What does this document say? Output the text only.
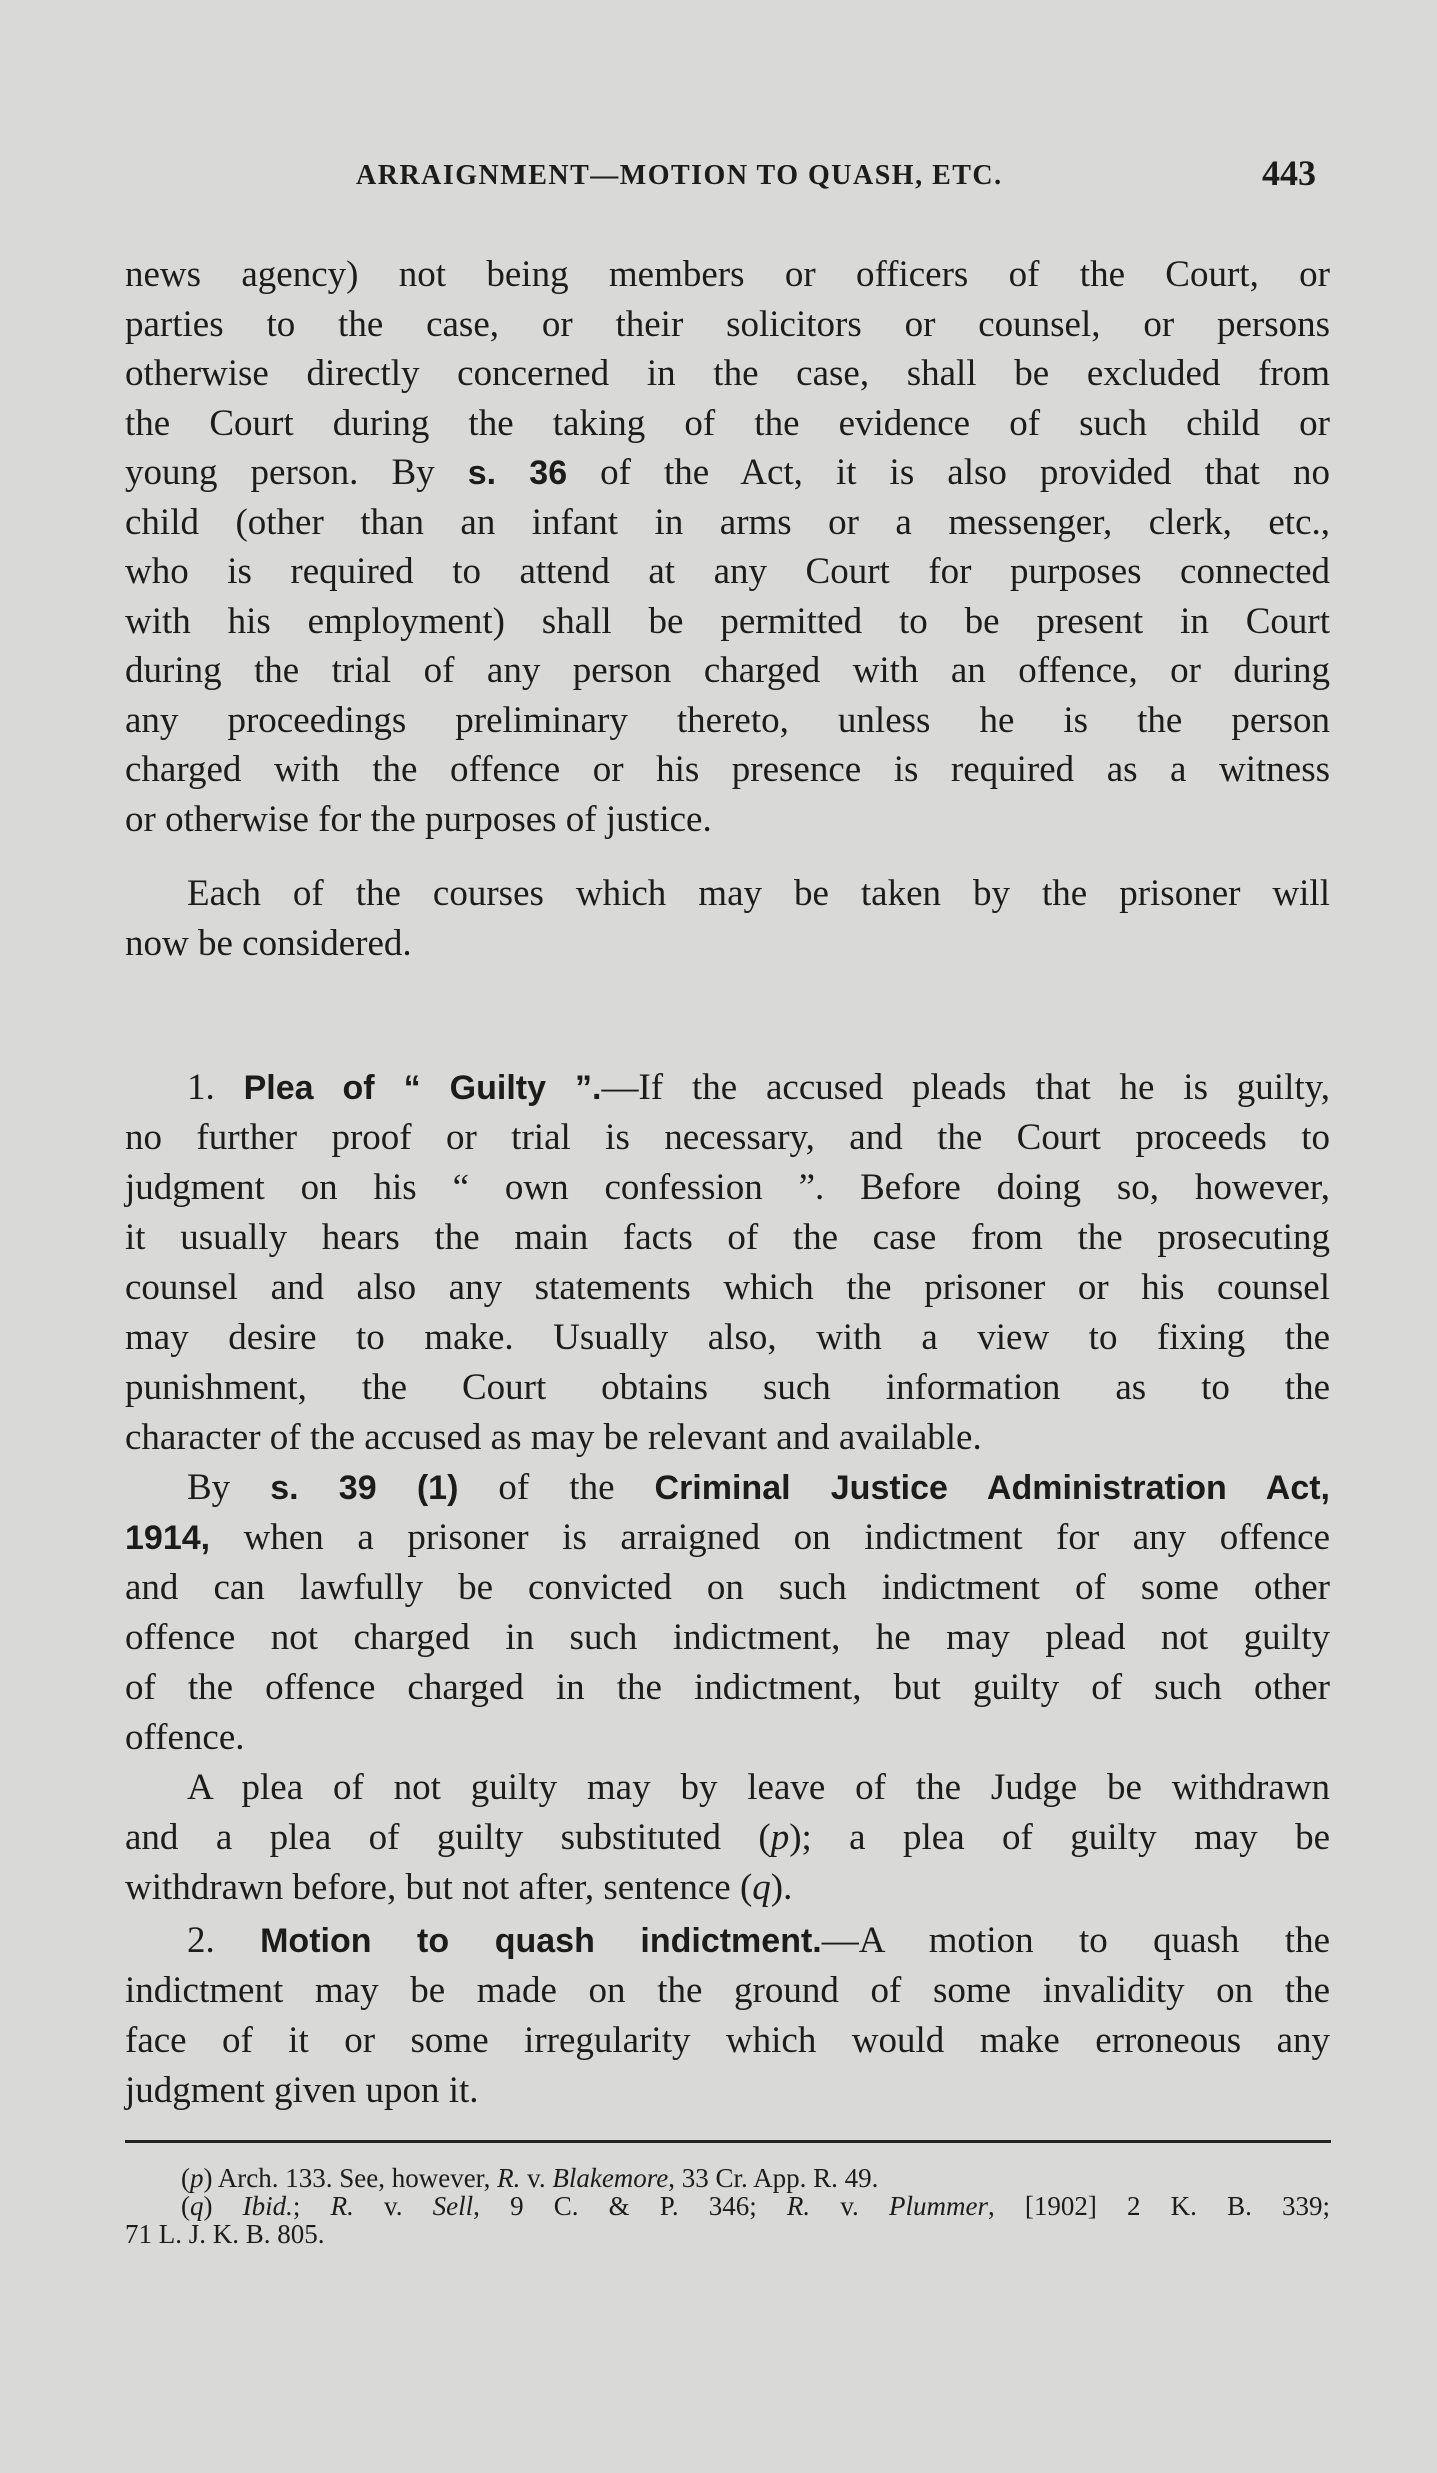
ARRAIGNMENT—MOTION TO QUASH, ETC.	443
news agency) not being members or officers of the Court, or
parties to the case, or their solicitors or counsel, or persons
otherwise directly concerned in the case, shall be excluded from
the Court during the taking of the evidence of such child or
young person. By s. 36 of the Act, it is also provided that no
child (other than an infant in arms or a messenger, clerk, etc.,
who is required to attend at any Court for purposes connected
with his employment) shall be permitted to be present in Court
during the trial of any person charged with an offence, or during
any proceedings preliminary thereto, unless he is the person
charged with the offence or his presence is required as a witness
or otherwise for the purposes of justice.
Each of the courses which may be taken by the prisoner will
now be considered.
1. Plea of “ Guilty ”.—If the accused pleads that he is guilty,
no further proof or trial is necessary, and the Court proceeds to
judgment on his “ own confession ”. Before doing so, however,
it usually hears the main facts of the case from the prosecuting
counsel and also any statements which the prisoner or his counsel
may desire to make. Usually also, with a view to fixing the
punishment, the Court obtains such information as to the
character of the accused as may be relevant and available.
By s. 39 (1) of the Criminal Justice Administration Act,
1914, when a prisoner is arraigned on indictment for any offence
and can lawfully be convicted on such indictment of some other
offence not charged in such indictment, he may plead not guilty
of the offence charged in the indictment, but guilty of such other
offence.
A plea of not guilty may by leave of the Judge be withdrawn
and a plea of guilty substituted (p); a plea of guilty may be
withdrawn before, but not after, sentence (q).
2. Motion to quash indictment.—A motion to quash the
indictment may be made on the ground of some invalidity on the
face of it or some irregularity which would make erroneous any
judgment given upon it.
(p) Arch. 133. See, however, R. v. Blakemore, 33 Cr. App. R. 49.
(q) Ibid.; R. v. Sell, 9 C. & P. 346; R. v. Plummer, [1902] 2 K. B. 339;
71 L. J. K. B. 805.
